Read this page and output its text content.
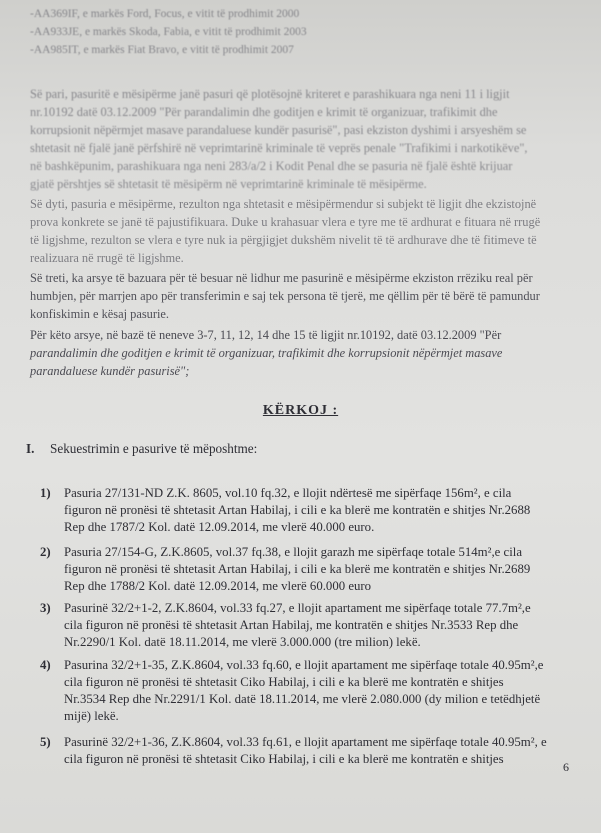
-AA369IF, e markës Ford, Focus, e vitit të prodhimit 2000
-AA933JE, e markës Skoda, Fabia, e vitit të prodhimit 2003
-AA985IT, e markës Fiat Bravo, e vitit të prodhimit 2007
Së pari, pasuritë e mësipërme janë pasuri që plotësojnë kriteret e parashikuara nga neni 11 i ligjit
nr.10192 datë 03.12.2009 "Për parandalimin dhe goditjen e krimit të organizuar, trafikimit dhe
korrupsionit nëpërmjet masave parandaluese kundër pasurisë", pasi ekziston dyshimi i arsyeshëm se
shtetasit në fjalë janë përfshirë në veprimtarinë kriminale të veprës penale "Trafikimi i narkotikëve",
në bashkëpunim, parashikuara nga neni 283/a/2 i Kodit Penal dhe se pasuria në fjalë është krijuar
gjatë përshtjes së shtetasit të mësipërm në veprimtarinë kriminale të mësipërme.
Së dyti, pasuria e mësipërme, rezulton nga shtetasit e mësipërmendur si subjekt të ligjit dhe ekzistojnë
prova konkrete se janë të pajustifikuara. Duke u krahasuar vlera e tyre me të ardhurat e fituara në rrugë
të ligjshme, rezulton se vlera e tyre nuk ia përgjigjet dukshëm nivelit të të ardhurave dhe të fitimeve të
realizuara në rrugë të ligjshme.
Së treti, ka arsye të bazuara për të besuar në lidhur me pasurinë e mësipërme ekziston rrëziku real për
humbjen, për marrjen apo për transferimin e saj tek persona të tjerë, me qëllim për të bërë të pamundur
konfiskimin e kësaj pasurie.
Për këto arsye, në bazë të neneve 3-7, 11, 12, 14 dhe 15 të ligjit nr.10192, datë 03.12.2009 "Për
parandalimin dhe goditjen e krimit të organizuar, trafikimit dhe korrupsionit nëpërmjet masave
parandaluese kundër pasurisë";
KËRKOJ :
I. Sekuestrimin e pasurive të mëposhtme:
1)	Pasuria 27/131-ND Z.K. 8605, vol.10 fq.32, e llojit ndërtesë me sipërfaqe 156m², e cila
figuron në pronësi të shtetasit Artan Habilaj, i cili e ka blerë me kontratën e shitjes Nr.2688
Rep dhe 1787/2 Kol. datë 12.09.2014, me vlerë 40.000 euro.
2)	Pasuria 27/154-G, Z.K.8605, vol.37 fq.38, e llojit garazh me sipërfaqe totale 514m²,e cila
figuron në pronësi të shtetasit Artan Habilaj, i cili e ka blerë me kontratën e shitjes Nr.2689
Rep dhe 1788/2 Kol. datë 12.09.2014, me vlerë 60.000 euro
3)	Pasurinë 32/2+1-2, Z.K.8604, vol.33 fq.27, e llojit apartament me sipërfaqe totale 77.7m²,e
cila figuron në pronësi të shtetasit Artan Habilaj, me kontratën e shitjes Nr.3533 Rep dhe
Nr.2290/1 Kol. datë 18.11.2014, me vlerë 3.000.000 (tre milion) lekë.
4)	Pasurina 32/2+1-35, Z.K.8604, vol.33 fq.60, e llojit apartament me sipërfaqe totale 40.95m²,e
cila figuron në pronësi të shtetasit Ciko Habilaj, i cili e ka blerë me kontratën e shitjes
Nr.3534 Rep dhe Nr.2291/1 Kol. datë 18.11.2014, me vlerë 2.080.000 (dy milion e tetëdhjetë
mijë) lekë.
5)	Pasurinë 32/2+1-36, Z.K.8604, vol.33 fq.61, e llojit apartament me sipërfaqe totale 40.95m², e
cila figuron në pronësi të shtetasit Ciko Habilaj, i cili e ka blerë me kontratën e shitjes
6
